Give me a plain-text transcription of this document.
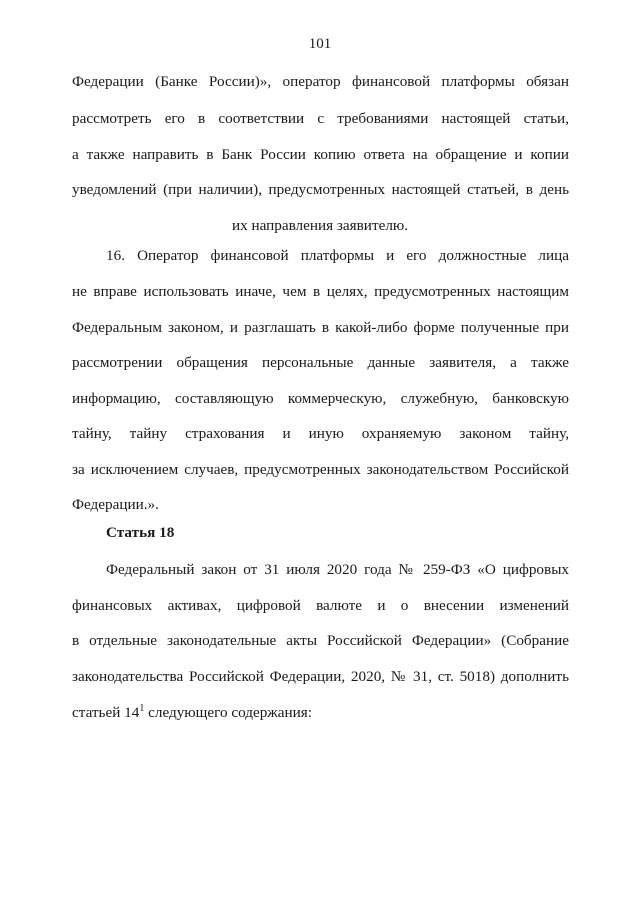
101
Федерации (Банке России)», оператор финансовой платформы обязан
рассмотреть его в соответствии с требованиями настоящей статьи,
а также направить в Банк России копию ответа на обращение и копии
уведомлений (при наличии), предусмотренных настоящей статьей, в день
их направления заявителю.
16. Оператор финансовой платформы и его должностные лица
не вправе использовать иначе, чем в целях, предусмотренных настоящим
Федеральным законом, и разглашать в какой-либо форме полученные при
рассмотрении обращения персональные данные заявителя, а также
информацию, составляющую коммерческую, служебную, банковскую
тайну, тайну страхования и иную охраняемую законом тайну,
за исключением случаев, предусмотренных законодательством Российской
Федерации.».
Статья 18
Федеральный закон от 31 июля 2020 года № 259-ФЗ «О цифровых
финансовых активах, цифровой валюте и о внесении изменений
в отдельные законодательные акты Российской Федерации» (Собрание
законодательства Российской Федерации, 2020, № 31, ст. 5018) дополнить
статьей $14^1$ следующего содержания:
